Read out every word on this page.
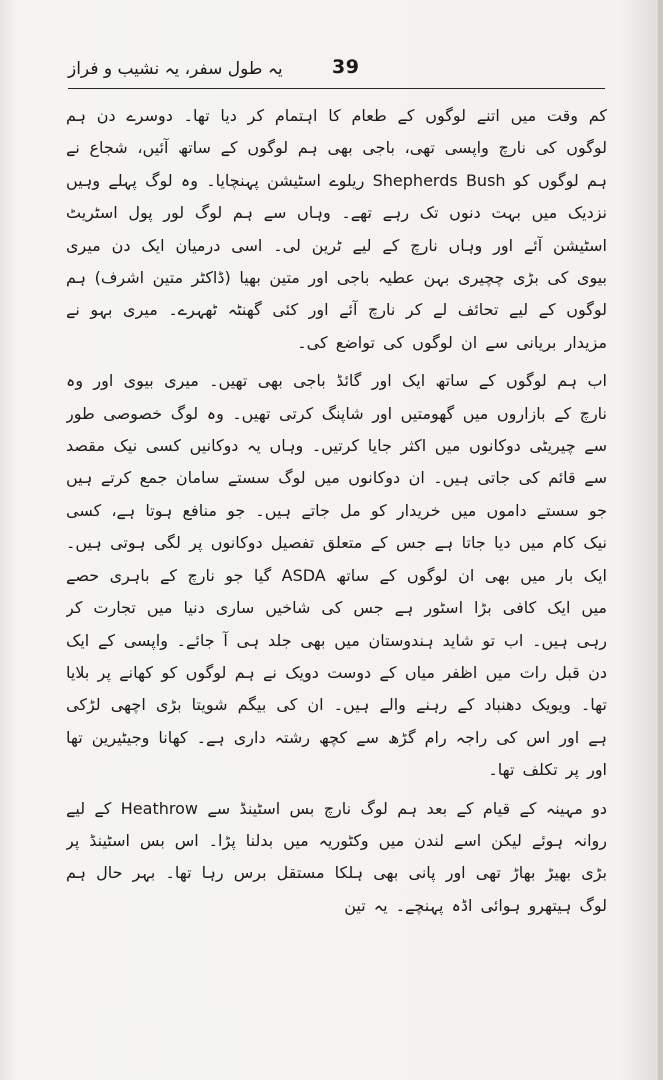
یہ طول سفر، یہ نشیب و فراز	39

کم وقت میں اتنے لوگوں کے طعام کا اہتمام کر دیا تھا۔ دوسرے دن ہم لوگوں کی نارچ واپسی تھی، باجی بھی ہم لوگوں کے ساتھ آئیں، شجاع نے ہم لوگوں کو Shepherds Bush ریلوے اسٹیشن پہنچایا۔ وہ لوگ پہلے وہیں نزدیک میں بہت دنوں تک رہے تھے۔ وہاں سے ہم لوگ لور پول اسٹریٹ اسٹیشن آئے اور وہاں نارچ کے لیے ٹرین لی۔ اسی درمیان ایک دن میری بیوی کی بڑی چچیری بہن عطیہ باجی اور متین بھیا (ڈاکٹر متین اشرف) ہم لوگوں کے لیے تحائف لے کر نارچ آئے اور کئی گھنٹہ ٹھہرے۔ میری بہو نے مزیدار بریانی سے ان لوگوں کی تواضع کی۔

اب ہم لوگوں کے ساتھ ایک اور گائڈ باجی بھی تھیں۔ میری بیوی اور وہ نارچ کے بازاروں میں گھومتیں اور شاپنگ کرتی تھیں۔ وہ لوگ خصوصی طور سے چیریٹی دوکانوں میں اکثر جایا کرتیں۔ وہاں یہ دوکانیں کسی نیک مقصد سے قائم کی جاتی ہیں۔ ان دوکانوں میں لوگ سستے سامان جمع کرتے ہیں جو سستے داموں میں خریدار کو مل جاتے ہیں۔ جو منافع ہوتا ہے، کسی نیک کام میں دیا جاتا ہے جس کے متعلق تفصیل دوکانوں پر لگی ہوتی ہیں۔ ایک بار میں بھی ان لوگوں کے ساتھ ASDA گیا جو نارچ کے باہری حصے میں ایک کافی بڑا اسٹور ہے جس کی شاخیں ساری دنیا میں تجارت کر رہی ہیں۔ اب تو شاید ہندوستان میں بھی جلد ہی آ جائے۔ واپسی کے ایک دن قبل رات میں اظفر میاں کے دوست دویک نے ہم لوگوں کو کھانے پر بلایا تھا۔ ویویک دھنباد کے رہنے والے ہیں۔ ان کی بیگم شویتا بڑی اچھی لڑکی ہے اور اس کی راجہ رام گڑھ سے کچھ رشتہ داری ہے۔ کھانا وجیٹیرین تھا اور پر تکلف تھا۔

دو مہینہ کے قیام کے بعد ہم لوگ نارچ بس اسٹینڈ سے Heathrow کے لیے روانہ ہوئے لیکن اسے لندن میں وکٹوریہ میں بدلنا پڑا۔ اس بس اسٹینڈ پر بڑی بھیڑ بھاڑ تھی اور پانی بھی ہلکا مستقل برس رہا تھا۔ بہر حال ہم لوگ ہیتھرو ہوائی اڈہ پہنچے۔ یہ تین
